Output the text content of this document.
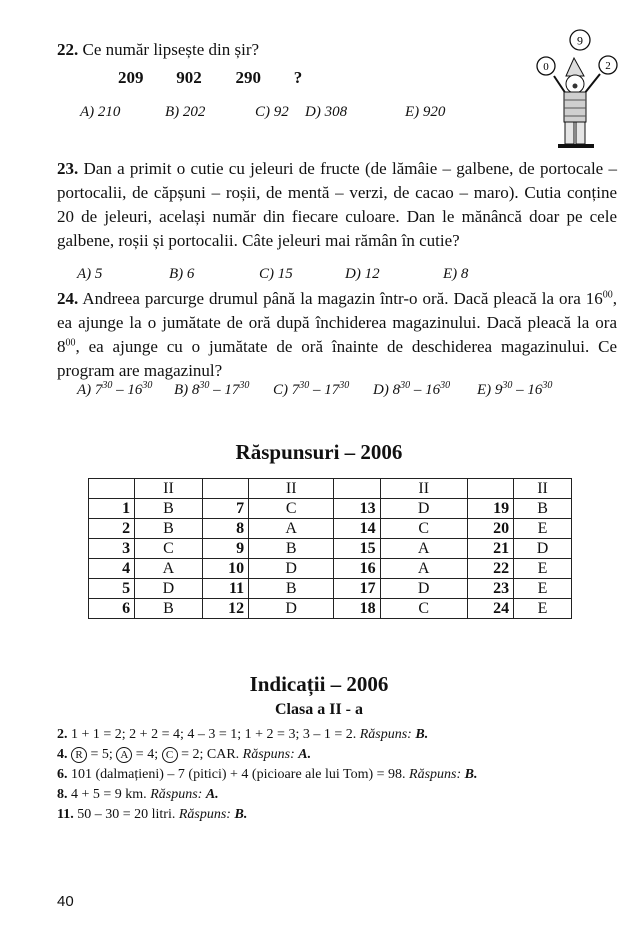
22. Ce număr lipsește din șir?
209 902 290 ?
A) 210	B) 202	C) 92 D) 308	E) 920
9
0	2
23. Dan a primit o cutie cu jeleuri de fructe (de lămâie – galbene, de portocale – portocalii, de căpșuni – roșii, de mentă – verzi, de cacao – maro). Cutia conține 20 de jeleuri, același număr din fiecare culoare. Dan le mănâncă doar pe cele galbene, roșii și portocalii. Câte jeleuri mai rămân în cutie?
A) 5	B) 6	C) 15	D) 12	E) 8
24. Andreea parcurge drumul până la magazin într-o oră. Dacă pleacă la ora $16^{00}$, ea ajunge la o jumătate de oră după închiderea magazinului. Dacă pleacă la ora $8^{00}$, ea ajunge cu o jumătate de oră înainte de deschiderea magazinului. Ce program are magazinul?
A) $7^{30} - 16^{30}$ B) $8^{30} - 17^{30}$ C) $7^{30} - 17^{30}$ D) $8^{30} - 16^{30}$ E) $9^{30} - 16^{30}$
Răspunsuri – 2006
	II		II		II		II
1	B	7	C	13	D	19	B
2	B	8	A	14	C	20	E
3	C	9	B	15	A	21	D
4	A	10	D	16	A	22	E
5	D	11	B	17	D	23	E
6	B	12	D	18	C	24	E
Indicații – 2006
Clasa a II - a
2. 1 + 1 = 2; 2 + 2 = 4; 4 – 3 = 1; 1 + 2 = 3; 3 – 1 = 2. Răspuns: B.
4. R = 5; A = 4; C = 2; CAR. Răspuns: A.
6. 101 (dalmațieni) – 7 (pitici) + 4 (picioare ale lui Tom) = 98. Răspuns: B.
8. 4 + 5 = 9 km. Răspuns: A.
11. 50 – 30 = 20 litri. Răspuns: B.
40
